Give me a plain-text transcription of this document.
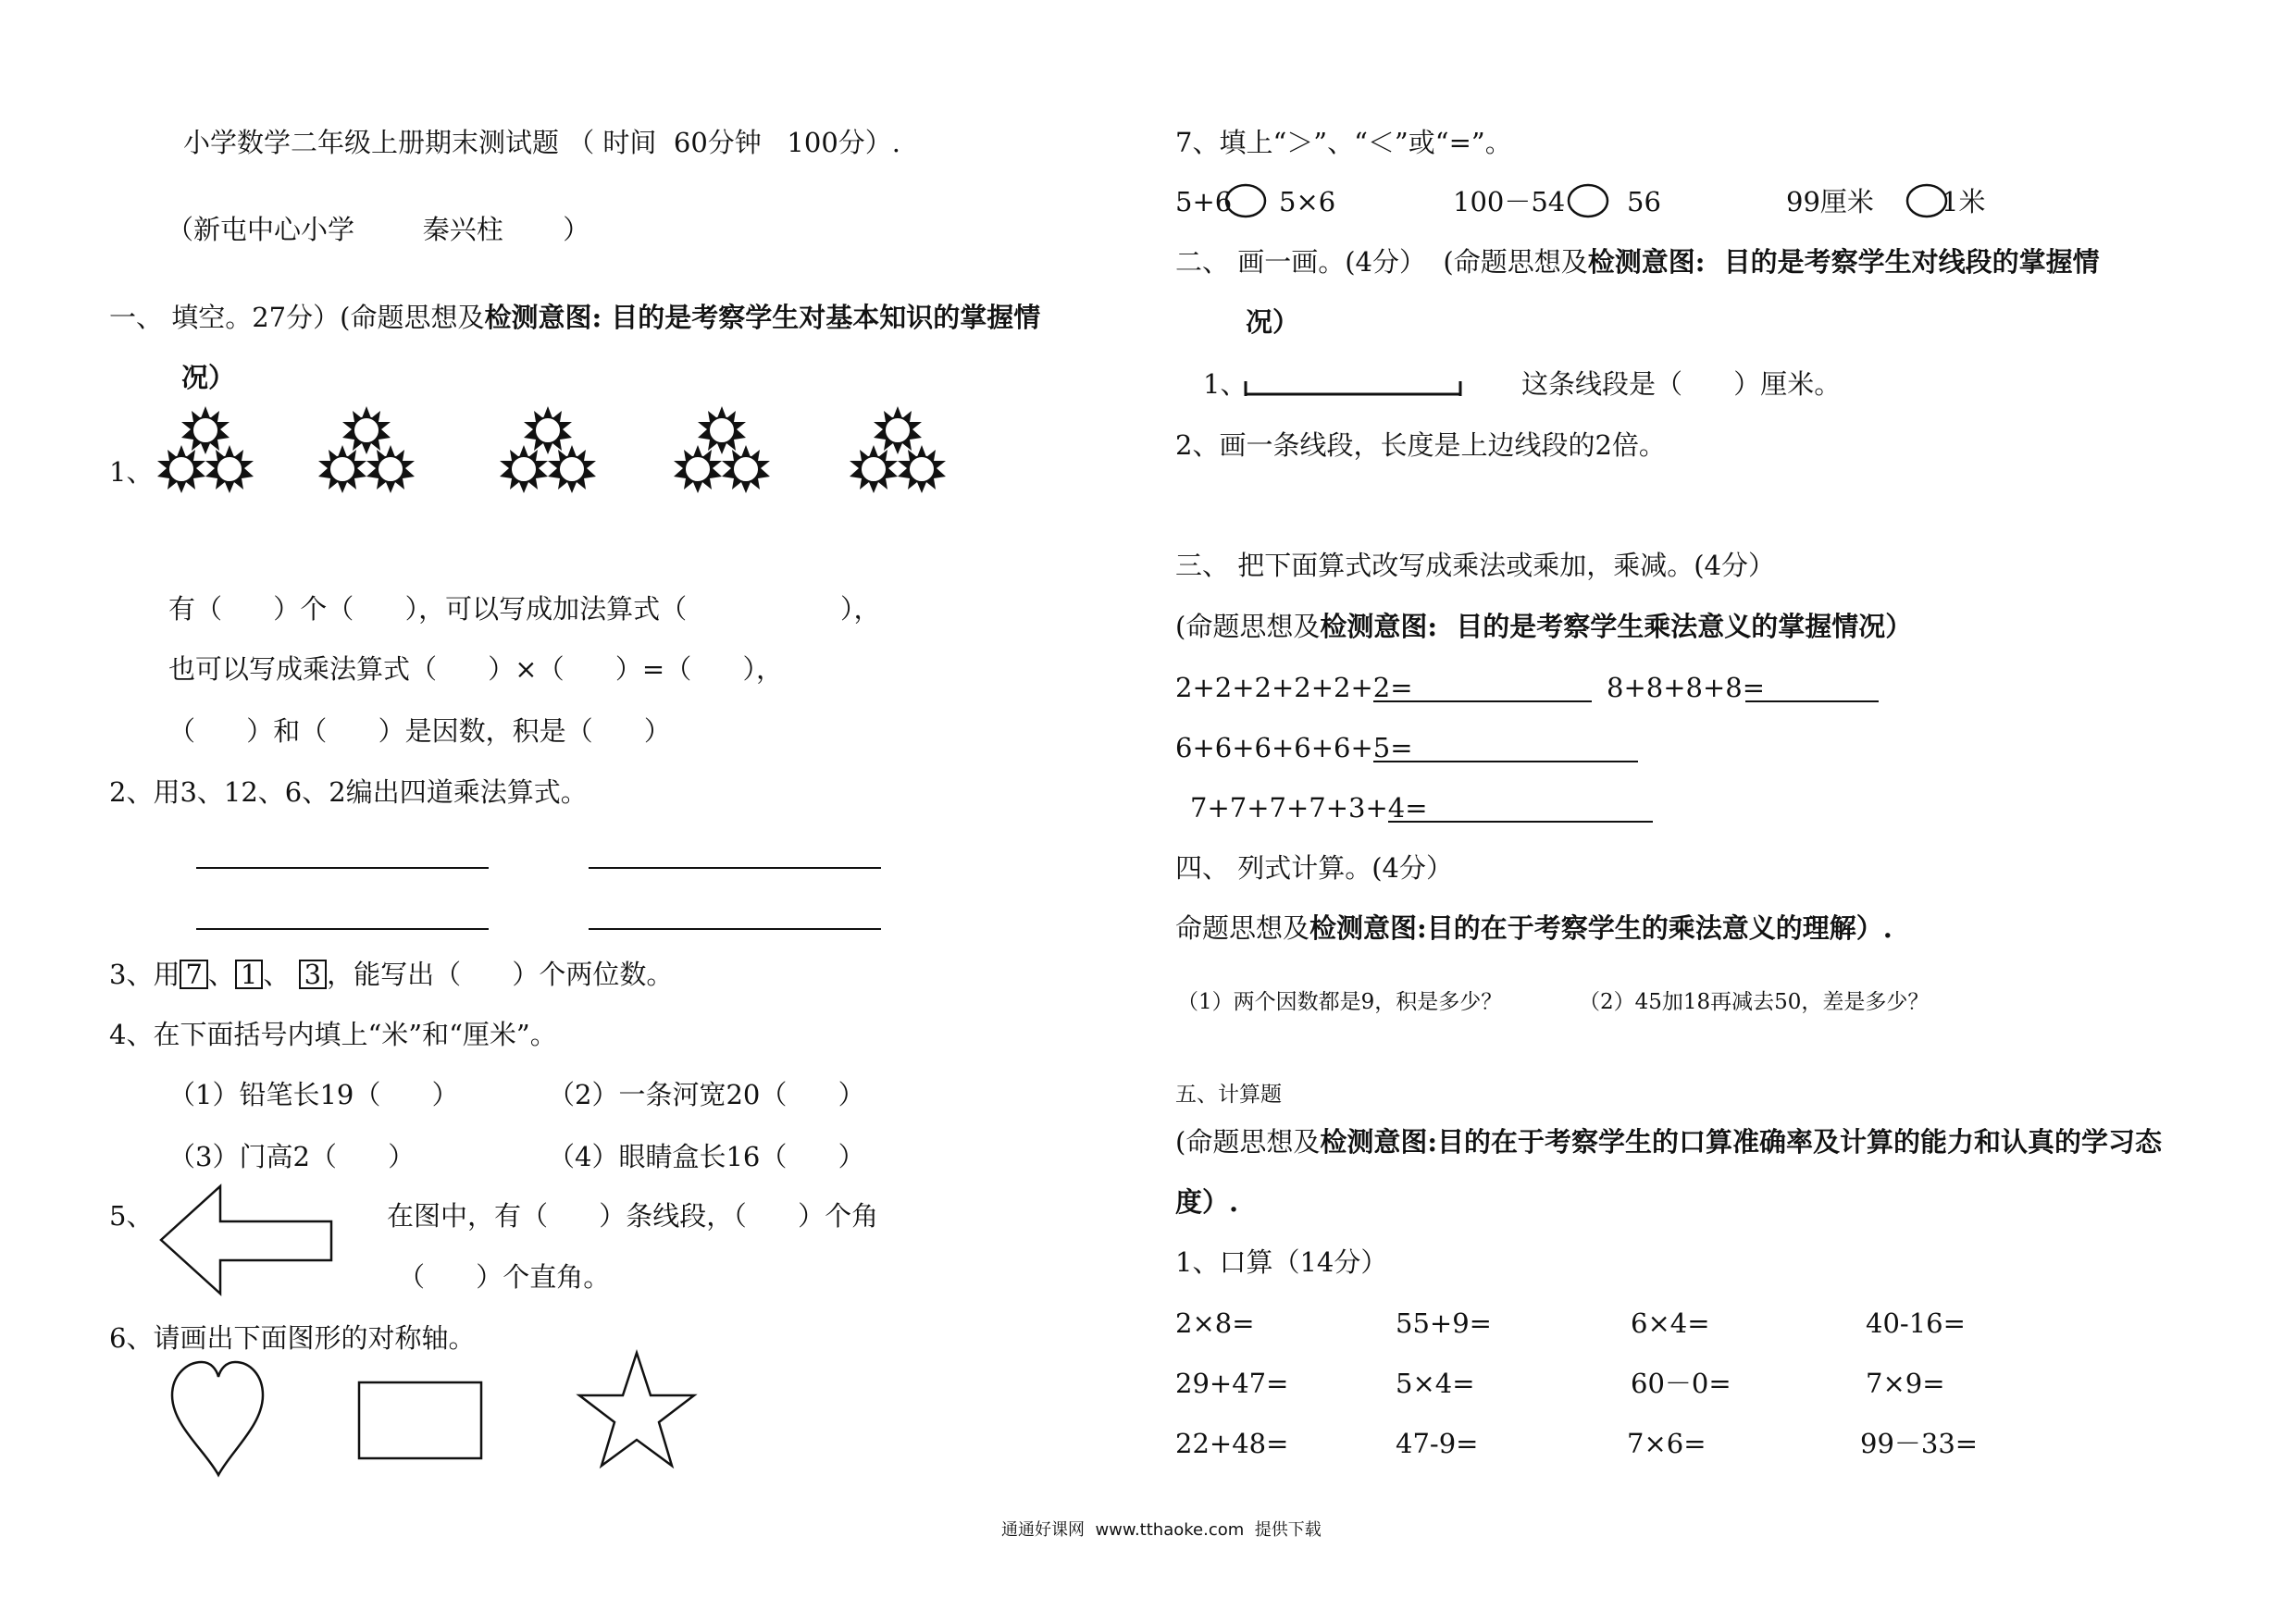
小学数学二年级上册期末测试题 （ 时间  60分钟   100分）.
（新屯中心小学        秦兴柱       ）
一、 填空。27分）(命题思想及检测意图: 目的是考察学生对基本知识的掌握情
况）
1、
有（      ）个（      ），可以写成加法算式（                  ），
也可以写成乘法算式（      ）×（      ）=（      ），
（      ）和（      ）是因数，积是（      ）
2、用3、12、6、2编出四道乘法算式。
3、用 7 、 1 、 3 ，能写出（      ）个两位数。
4、在下面括号内填上“米”和“厘米”。
（1）铅笔长19（      ）	（2）一条河宽20（      ）
（3）门高2（      ）	（4）眼睛盒长16（      ）
5、	在图中，有（      ）条线段，（      ）个角
（      ）个直角。
6、请画出下面图形的对称轴。
7、填上“＞”、“＜”或“=”。
5+6 5×6	100－54 56	99厘米	1米
二、 画一画。(4分）  (命题思想及检测意图:  目的是考察学生对线段的掌握情
况）
1、	这条线段是（      ）厘米。
2、画一条线段，长度是上边线段的2倍。
三、 把下面算式改写成乘法或乘加，乘减。(4分）
(命题思想及检测意图:  目的是考察学生乘法意义的掌握情况）
2+2+2+2+2+2=	8+8+8+8=
6+6+6+6+6+5=
7+7+7+7+3+4=
四、 列式计算。(4分）
命题思想及检测意图:目的在于考察学生的乘法意义的理解）.
（1）两个因数都是9，积是多少？	（2）45加18再减去50，差是多少？
五、计算题
(命题思想及检测意图:目的在于考察学生的口算准确率及计算的能力和认真的学习态
度）.
1、口算（14分）
2×8=	55+9=	6×4=	40-16=
29+47=	5×4=	60－0=	7×9=
22+48=	47-9=	7×6=	99－33=
通通好课网  www.tthaoke.com  提供下载
